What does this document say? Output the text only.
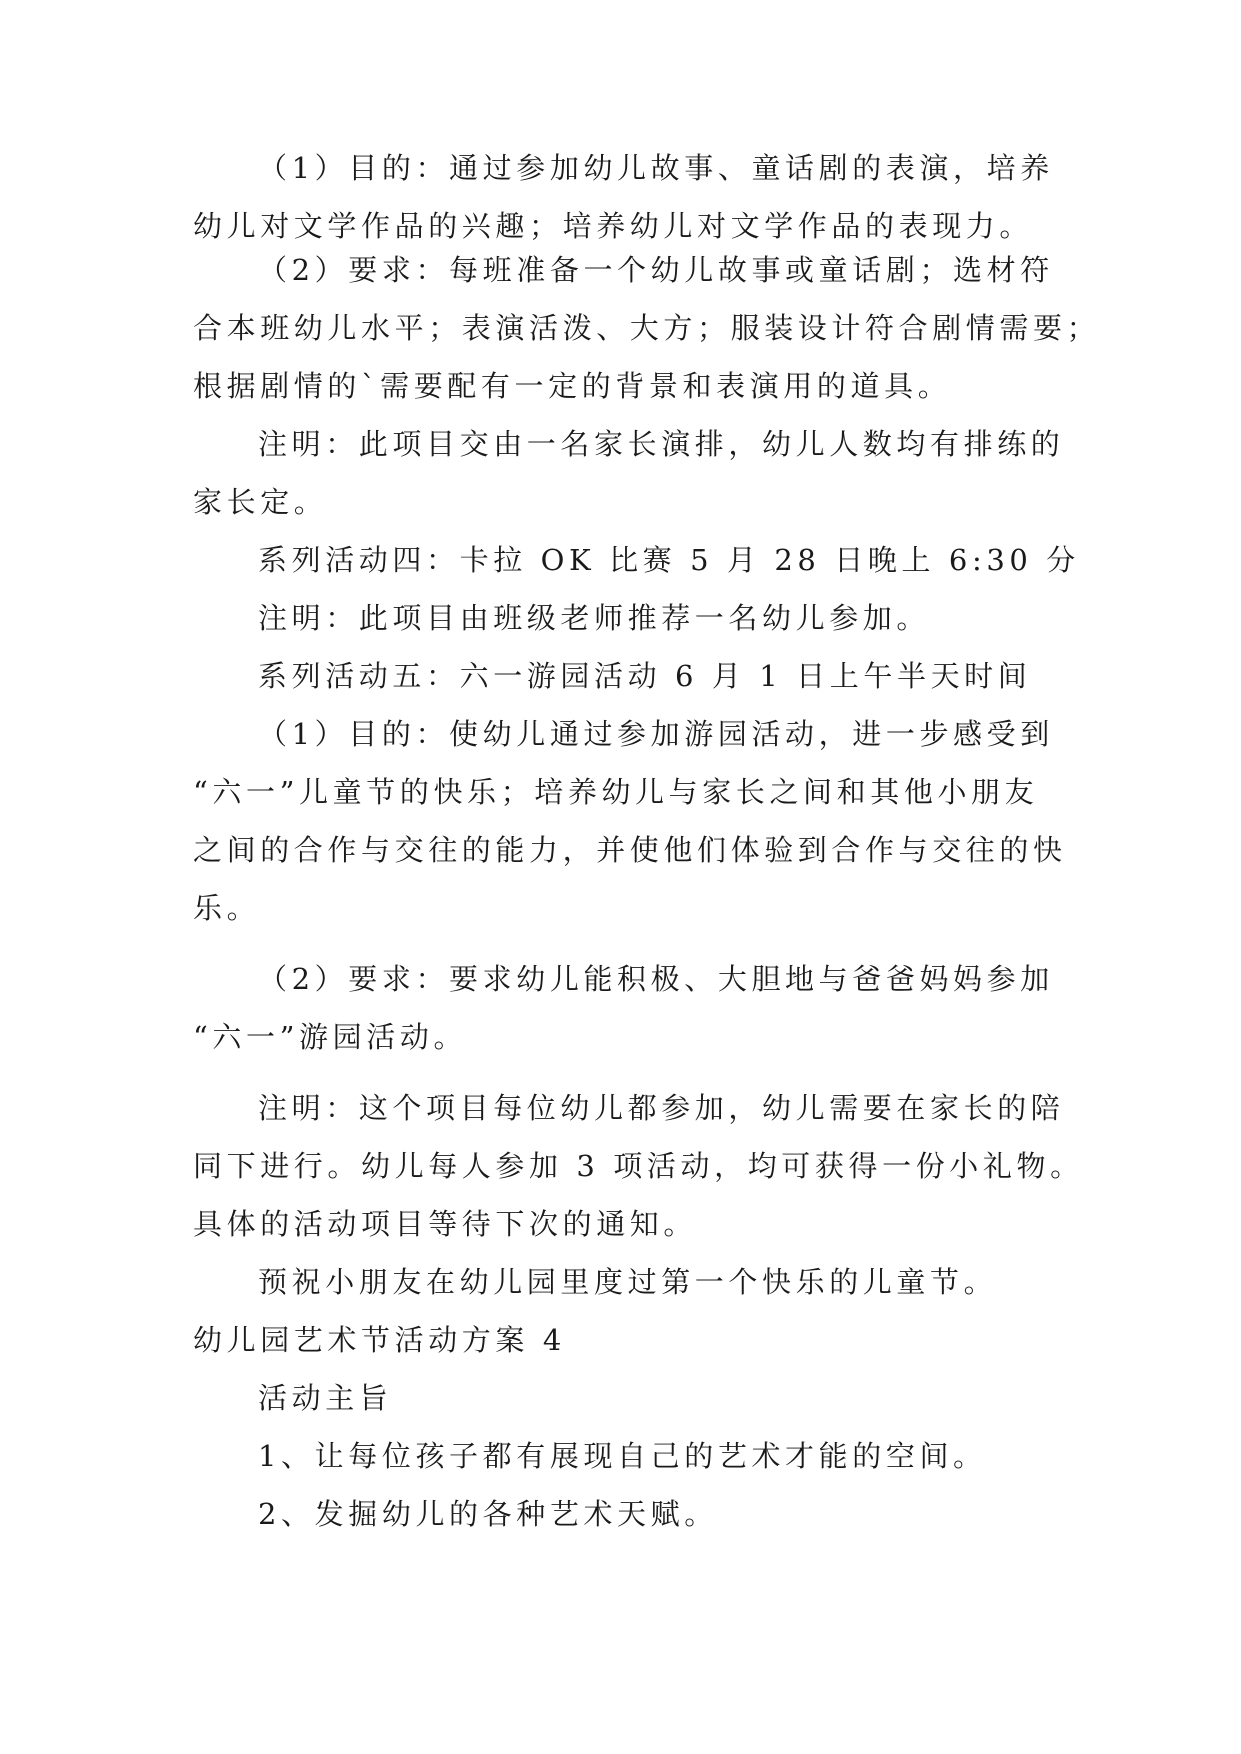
（1）目的：通过参加幼儿故事、童话剧的表演，培养
幼儿对文学作品的兴趣；培养幼儿对文学作品的表现力。
（2）要求：每班准备一个幼儿故事或童话剧；选材符
合本班幼儿水平；表演活泼、大方；服装设计符合剧情需要；
根据剧情的`需要配有一定的背景和表演用的道具。
注明：此项目交由一名家长演排，幼儿人数均有排练的
家长定。
系列活动四：卡拉 OK 比赛 5 月 28 日晚上 6:30 分
注明：此项目由班级老师推荐一名幼儿参加。
系列活动五：六一游园活动 6 月 1 日上午半天时间
（1）目的：使幼儿通过参加游园活动，进一步感受到
“六一”儿童节的快乐；培养幼儿与家长之间和其他小朋友
之间的合作与交往的能力，并使他们体验到合作与交往的快
乐。
（2）要求：要求幼儿能积极、大胆地与爸爸妈妈参加
“六一”游园活动。
注明：这个项目每位幼儿都参加，幼儿需要在家长的陪
同下进行。幼儿每人参加 3 项活动，均可获得一份小礼物。
具体的活动项目等待下次的通知。
预祝小朋友在幼儿园里度过第一个快乐的儿童节。
幼儿园艺术节活动方案 4
活动主旨
1、让每位孩子都有展现自己的艺术才能的空间。
2、发掘幼儿的各种艺术天赋。
